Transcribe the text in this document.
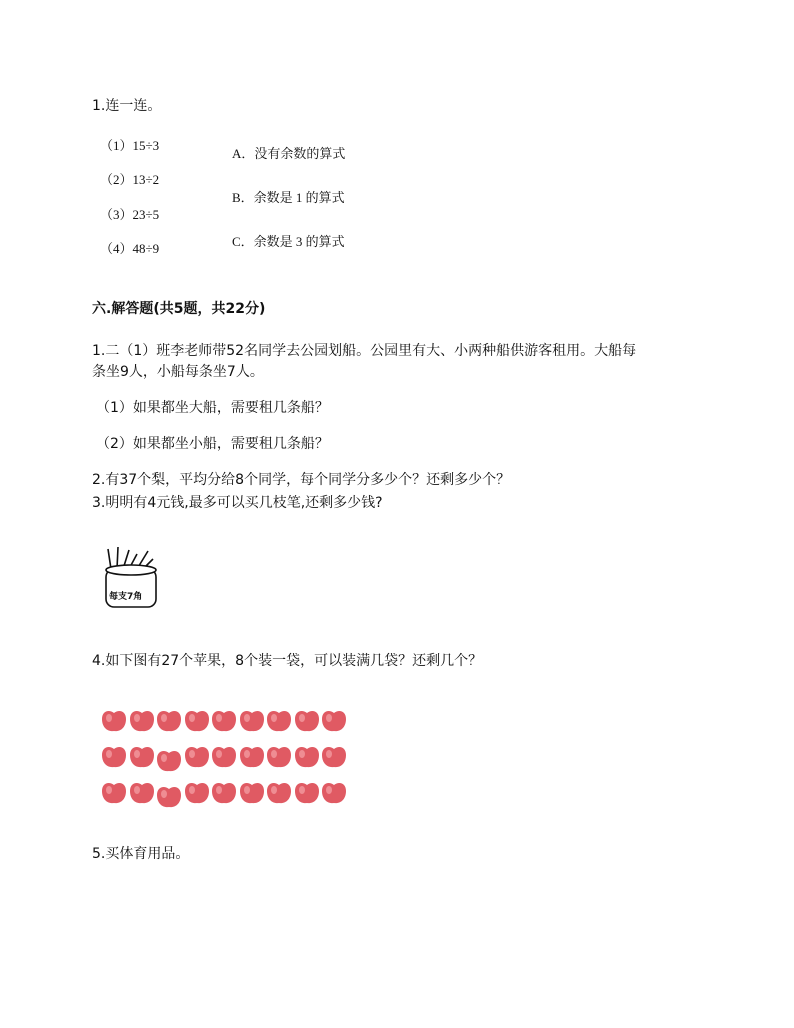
1.连一连。
（1）15÷3
（2）13÷2
（3）23÷5
（4）48÷9
A．没有余数的算式
B．余数是 1 的算式
C．余数是 3 的算式
六.解答题(共5题，共22分)
1.二（1）班李老师带52名同学去公园划船。公园里有大、小两种船供游客租用。大船每
条坐9人，小船每条坐7人。
（1）如果都坐大船，需要租几条船？
（2）如果都坐小船，需要租几条船？
2.有37个梨，平均分给8个同学，每个同学分多少个？还剩多少个？
3.明明有4元钱,最多可以买几枝笔,还剩多少钱?
每支7角
4.如下图有27个苹果，8个装一袋，可以装满几袋？还剩几个？
5.买体育用品。
